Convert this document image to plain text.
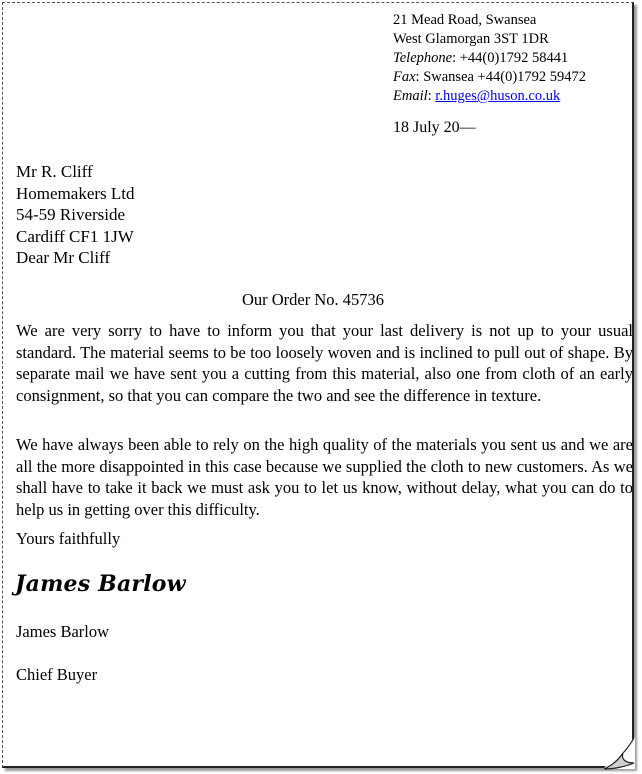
21 Mead Road, Swansea
West Glamorgan 3ST 1DR
Telephone: +44(0)1792 58441
Fax: Swansea +44(0)1792 59472
Email: r.huges@huson.co.uk
18 July 20—
Mr R. Cliff
Homemakers Ltd
54-59 Riverside
Cardiff CF1 1JW
Dear Mr Cliff
Our Order No. 45736
We are very sorry to have to inform you that your last delivery is not up to your usual standard. The material seems to be too loosely woven and is inclined to pull out of shape. By separate mail we have sent you a cutting from this material, also one from cloth of an early consignment, so that you can compare the two and see the difference in texture.
We have always been able to rely on the high quality of the materials you sent us and we are all the more disappointed in this case because we supplied the cloth to new customers. As we shall have to take it back we must ask you to let us know, without delay, what you can do to help us in getting over this difficulty.
Yours faithfully
James Barlow
James Barlow
Chief Buyer
